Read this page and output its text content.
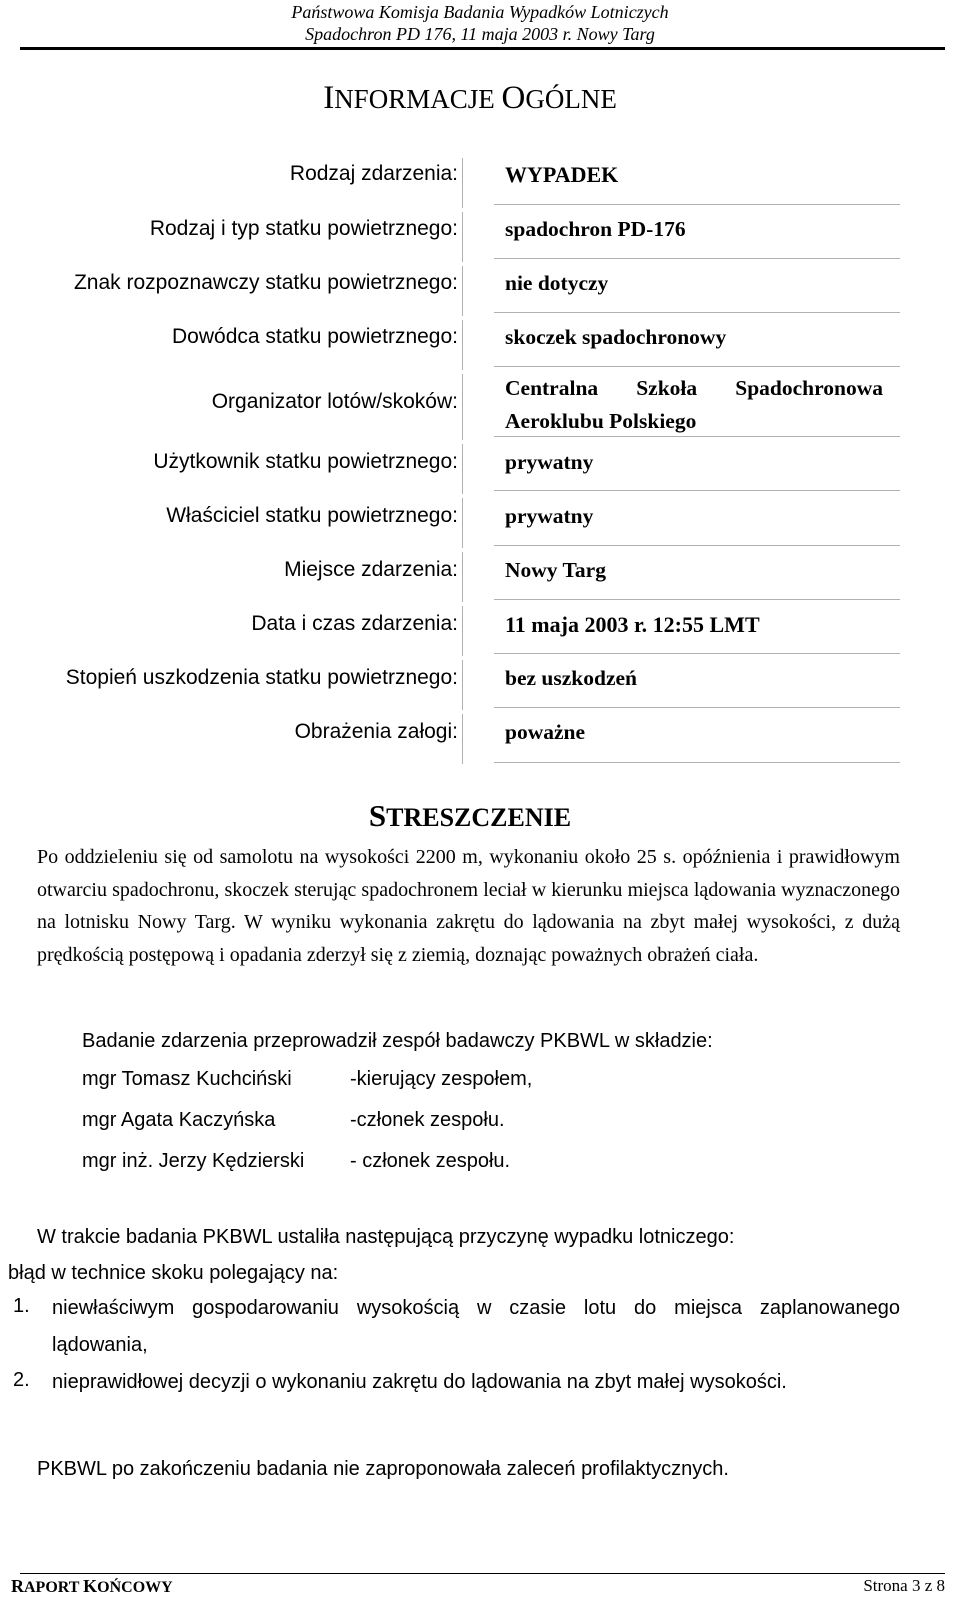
Państwowa Komisja Badania Wypadków Lotniczych
Spadochron PD 176, 11 maja 2003 r. Nowy Targ
INFORMACJE OGÓLNE
Rodzaj zdarzenia: WYPADEK
Rodzaj i typ statku powietrznego: spadochron PD-176
Znak rozpoznawczy statku powietrznego: nie dotyczy
Dowódca statku powietrznego: skoczek spadochronowy
Organizator lotów/skoków:
Centralna Szkoła Spadochronowa Aeroklubu Polskiego
Użytkownik statku powietrznego: prywatny
Właściciel statku powietrznego: prywatny
Miejsce zdarzenia: Nowy Targ
Data i czas zdarzenia: 11 maja 2003 r. 12:55 LMT
Stopień uszkodzenia statku powietrznego: bez uszkodzeń
Obrażenia załogi: poważne
STRESZCZENIE
Po oddzieleniu się od samolotu na wysokości 2200 m, wykonaniu około 25 s. opóźnienia i prawidłowym otwarciu spadochronu, skoczek sterując spadochronem leciał w kierunku miejsca lądowania wyznaczonego na lotnisku Nowy Targ. W wyniku wykonania zakrętu do lądowania na zbyt małej wysokości, z dużą prędkością postępową i opadania zderzył się z ziemią, doznając poważnych obrażeń ciała.
Badanie zdarzenia przeprowadził zespół badawczy PKBWL w składzie:
mgr Tomasz Kuchciński	-kierujący zespołem,
mgr Agata Kaczyńska	-członek zespołu.
mgr inż. Jerzy Kędzierski - członek zespołu.
W trakcie badania PKBWL ustaliła następującą przyczynę wypadku lotniczego:
błąd w technice skoku polegający na:
1. niewłaściwym gospodarowaniu wysokością w czasie lotu do miejsca zaplanowanego lądowania,
2. nieprawidłowej decyzji o wykonaniu zakrętu do lądowania na zbyt małej wysokości.
PKBWL po zakończeniu badania nie zaproponowała zaleceń profilaktycznych.
RAPORT KOŃCOWY	Strona 3 z 8
